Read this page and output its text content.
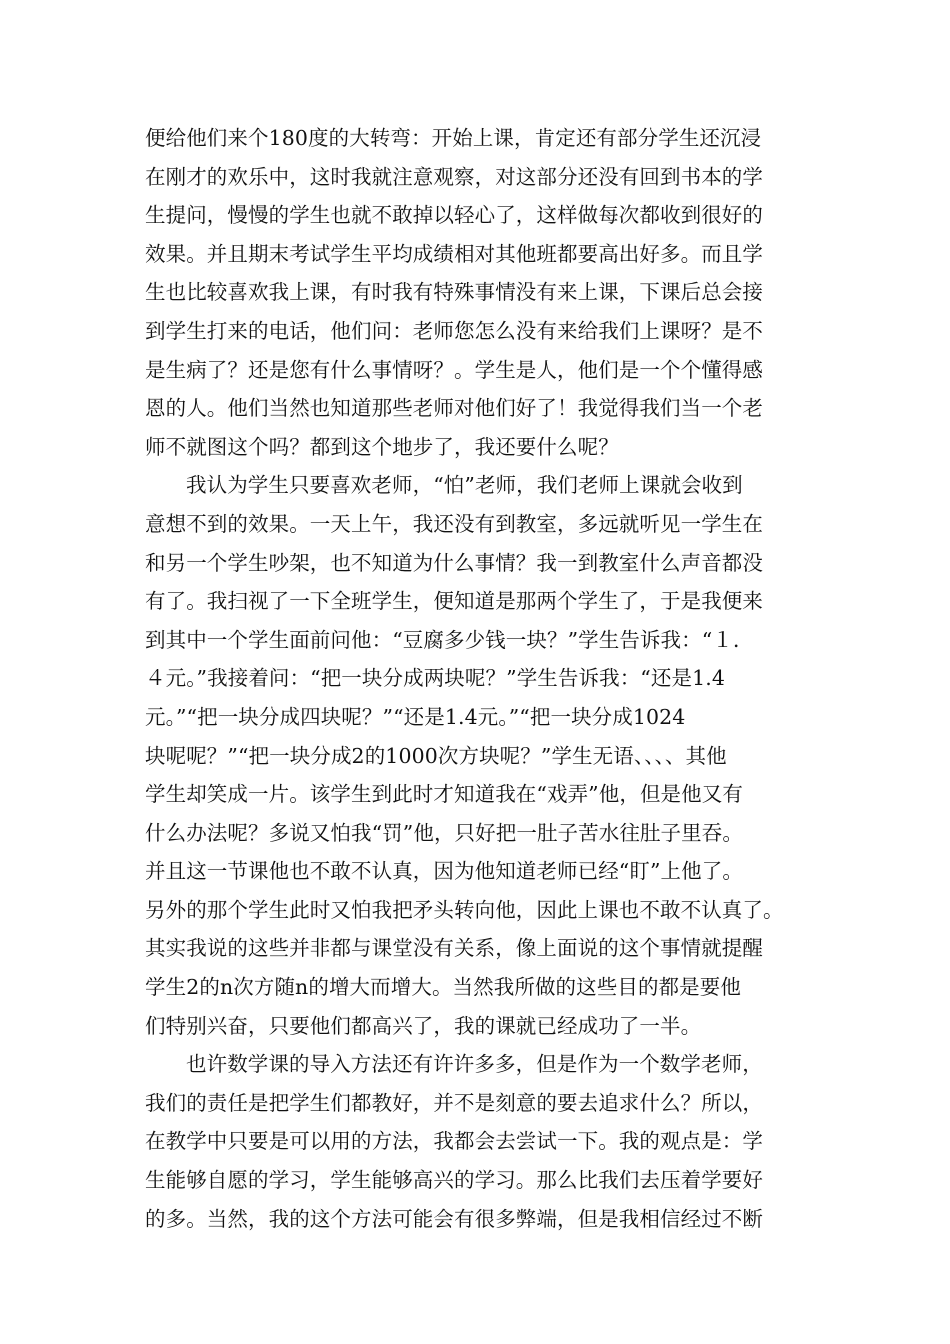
便给他们来个180度的大转弯：开始上课，肯定还有部分学生还沉浸
在刚才的欢乐中，这时我就注意观察，对这部分还没有回到书本的学
生提问，慢慢的学生也就不敢掉以轻心了，这样做每次都收到很好的
效果。并且期末考试学生平均成绩相对其他班都要高出好多。而且学
生也比较喜欢我上课，有时我有特殊事情没有来上课，下课后总会接
到学生打来的电话，他们问：老师您怎么没有来给我们上课呀？是不
是生病了？还是您有什么事情呀？。学生是人，他们是一个个懂得感
恩的人。他们当然也知道那些老师对他们好了！我觉得我们当一个老
师不就图这个吗？都到这个地步了，我还要什么呢？
我认为学生只要喜欢老师，“怕”老师，我们老师上课就会收到
意想不到的效果。一天上午，我还没有到教室，多远就听见一学生在
和另一个学生吵架，也不知道为什么事情？我一到教室什么声音都没
有了。我扫视了一下全班学生，便知道是那两个学生了，于是我便来
到其中一个学生面前问他：“豆腐多少钱一块？”学生告诉我：“１．
４元。”我接着问：“把一块分成两块呢？”学生告诉我：“还是1.4
元。”“把一块分成四块呢？”“还是1.4元。”“把一块分成1024
块呢呢？”“把一块分成2的1000次方块呢？”学生无语、、、、其他
学生却笑成一片。该学生到此时才知道我在“戏弄”他，但是他又有
什么办法呢？多说又怕我“罚”他，只好把一肚子苦水往肚子里吞。
并且这一节课他也不敢不认真，因为他知道老师已经“盯”上他了。
另外的那个学生此时又怕我把矛头转向他，因此上课也不敢不认真了。
其实我说的这些并非都与课堂没有关系，像上面说的这个事情就提醒
学生2的n次方随n的增大而增大。当然我所做的这些目的都是要他
们特别兴奋，只要他们都高兴了，我的课就已经成功了一半。
也许数学课的导入方法还有许许多多，但是作为一个数学老师，
我们的责任是把学生们都教好，并不是刻意的要去追求什么？所以，
在教学中只要是可以用的方法，我都会去尝试一下。我的观点是：学
生能够自愿的学习，学生能够高兴的学习。那么比我们去压着学要好
的多。当然，我的这个方法可能会有很多弊端，但是我相信经过不断
